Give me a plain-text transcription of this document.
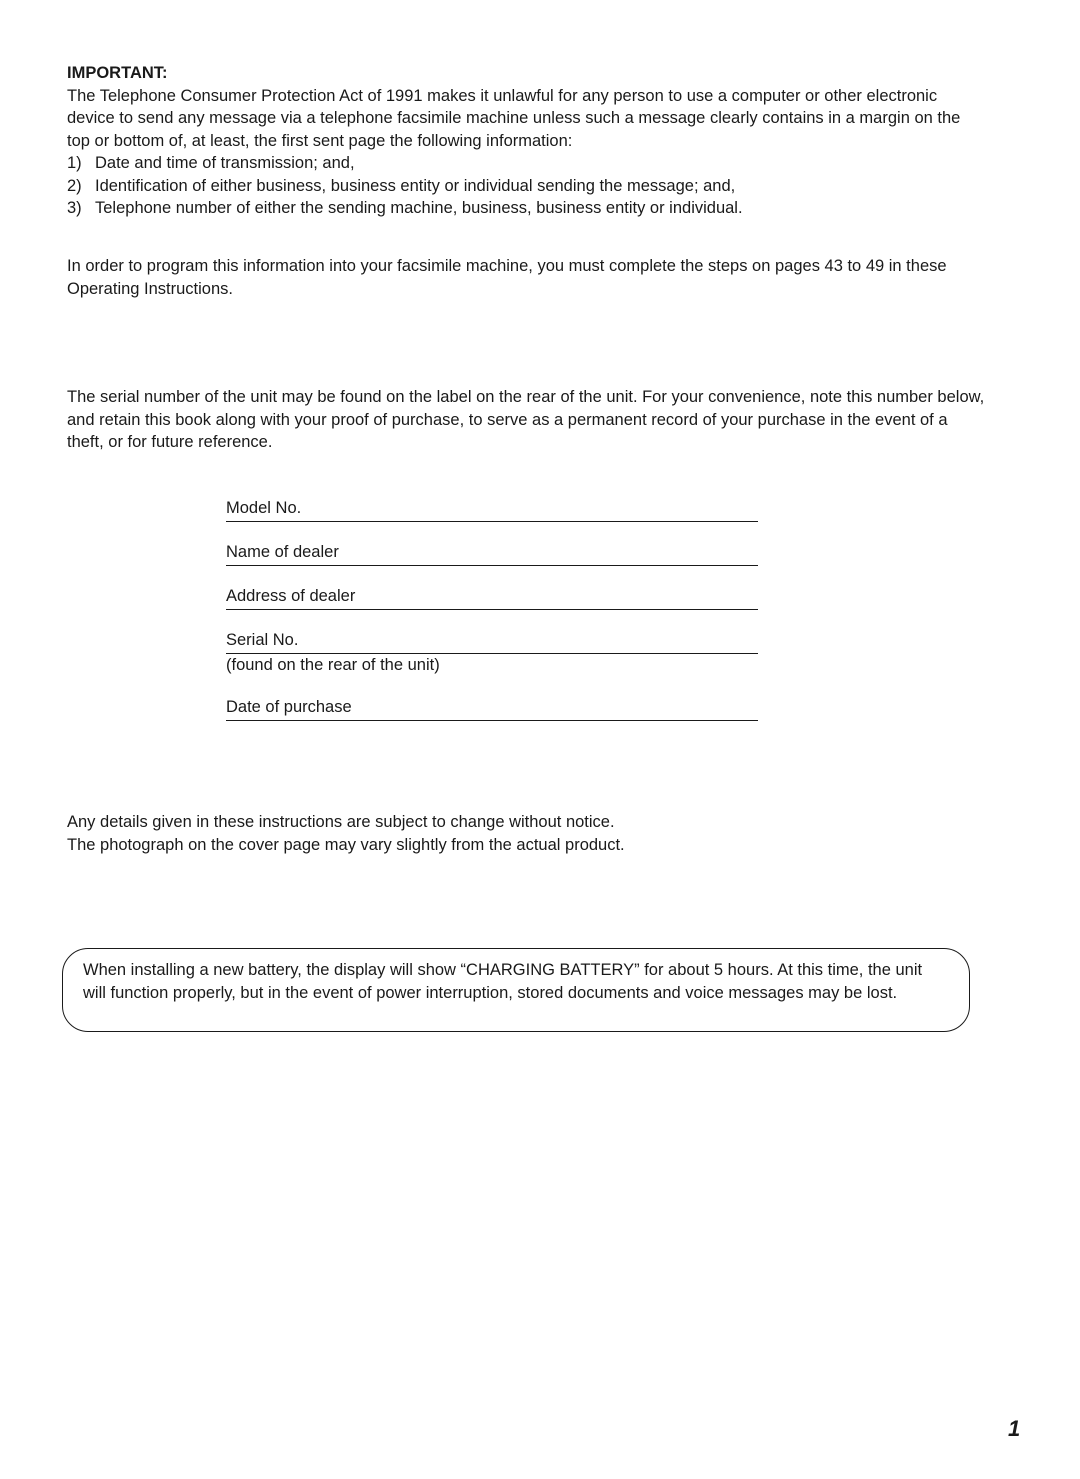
IMPORTANT:

The Telephone Consumer Protection Act of 1991 makes it unlawful for any person to use a computer or other electronic device to send any message via a telephone facsimile machine unless such a message clearly contains in a margin on the top or bottom of, at least, the first sent page the following information:

1) Date and time of transmission; and,
2) Identification of either business, business entity or individual sending the message; and,
3) Telephone number of either the sending machine, business, business entity or individual.

In order to program this information into your facsimile machine, you must complete the steps on pages 43 to 49 in these Operating Instructions.

The serial number of the unit may be found on the label on the rear of the unit. For your convenience, note this number below, and retain this book along with your proof of purchase, to serve as a permanent record of your purchase in the event of a theft, or for future reference.

Model No.
Name of dealer
Address of dealer
Serial No.
(found on the rear of the unit)
Date of purchase

Any details given in these instructions are subject to change without notice.

The photograph on the cover page may vary slightly from the actual product.

When installing a new battery, the display will show “CHARGING BATTERY” for about 5 hours. At this time, the unit will function properly, but in the event of power interruption, stored documents and voice messages may be lost.

1
